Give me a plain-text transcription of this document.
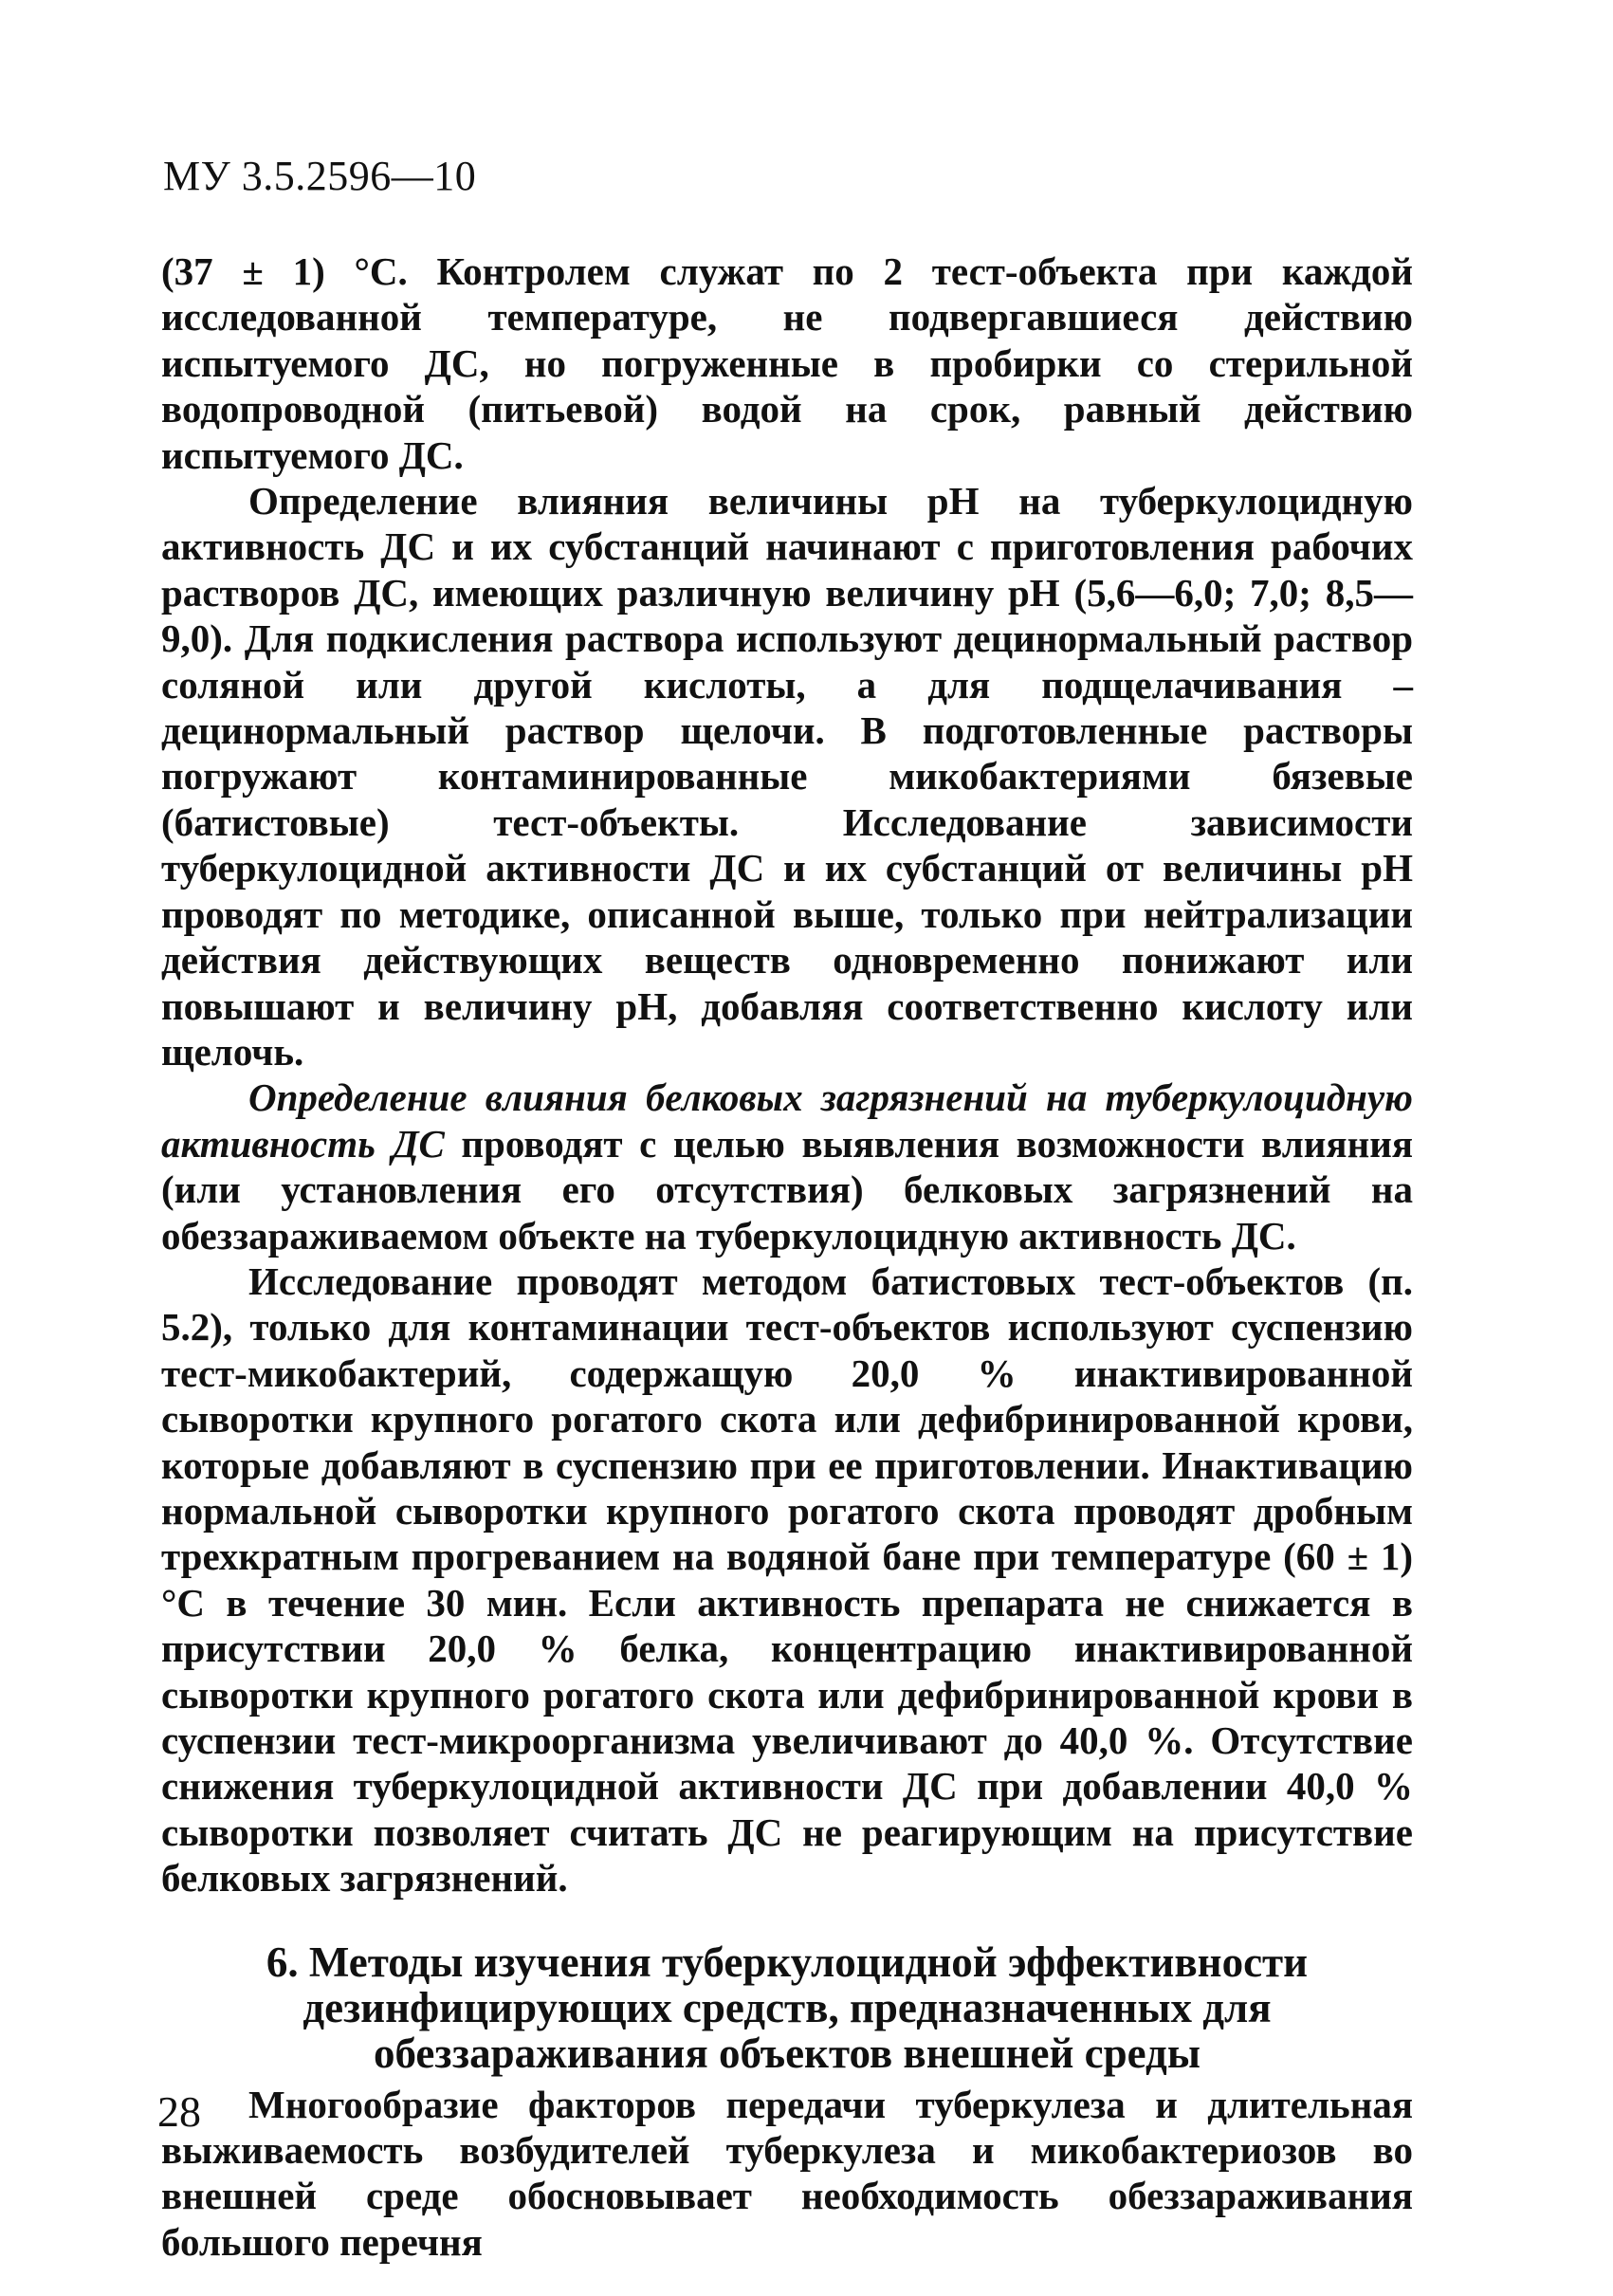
МУ 3.5.2596—10

(37 ± 1) °С. Контролем служат по 2 тест-объекта при каждой исследованной температуре, не подвергавшиеся действию испытуемого ДС, но погруженные в пробирки со стерильной водопроводной (питьевой) водой на срок, равный действию испытуемого ДС.

Определение влияния величины рН на туберкулоцидную активность ДС и их субстанций начинают с приготовления рабочих растворов ДС, имеющих различную величину рН (5,6—6,0; 7,0; 8,5—9,0). Для подкисления раствора используют децинормальный раствор соляной или другой кислоты, а для подщелачивания – децинормальный раствор щелочи. В подготовленные растворы погружают контаминированные микобактериями бязевые (батистовые) тест-объекты. Исследование зависимости туберкулоцидной активности ДС и их субстанций от величины рН проводят по методике, описанной выше, только при нейтрализации действия действующих веществ одновременно понижают или повышают и величину рН, добавляя соответственно кислоту или щелочь.

Определение влияния белковых загрязнений на туберкулоцидную активность ДС проводят с целью выявления возможности влияния (или установления его отсутствия) белковых загрязнений на обеззараживаемом объекте на туберкулоцидную активность ДС.

Исследование проводят методом батистовых тест-объектов (п. 5.2), только для контаминации тест-объектов используют суспензию тест-микобактерий, содержащую 20,0 % инактивированной сыворотки крупного рогатого скота или дефибринированной крови, которые добавляют в суспензию при ее приготовлении. Инактивацию нормальной сыворотки крупного рогатого скота проводят дробным трехкратным прогреванием на водяной бане при температуре (60 ± 1) °С в течение 30 мин. Если активность препарата не снижается в присутствии 20,0 % белка, концентрацию инактивированной сыворотки крупного рогатого скота или дефибринированной крови в суспензии тест-микроорганизма увеличивают до 40,0 %. Отсутствие снижения туберкулоцидной активности ДС при добавлении 40,0 % сыворотки позволяет считать ДС не реагирующим на присутствие белковых загрязнений.

6. Методы изучения туберкулоцидной эффективности
дезинфицирующих средств, предназначенных для
обеззараживания объектов внешней среды

Многообразие факторов передачи туберкулеза и длительная выживаемость возбудителей туберкулеза и микобактериозов во внешней среде обосновывает необходимость обеззараживания большого перечня

28
